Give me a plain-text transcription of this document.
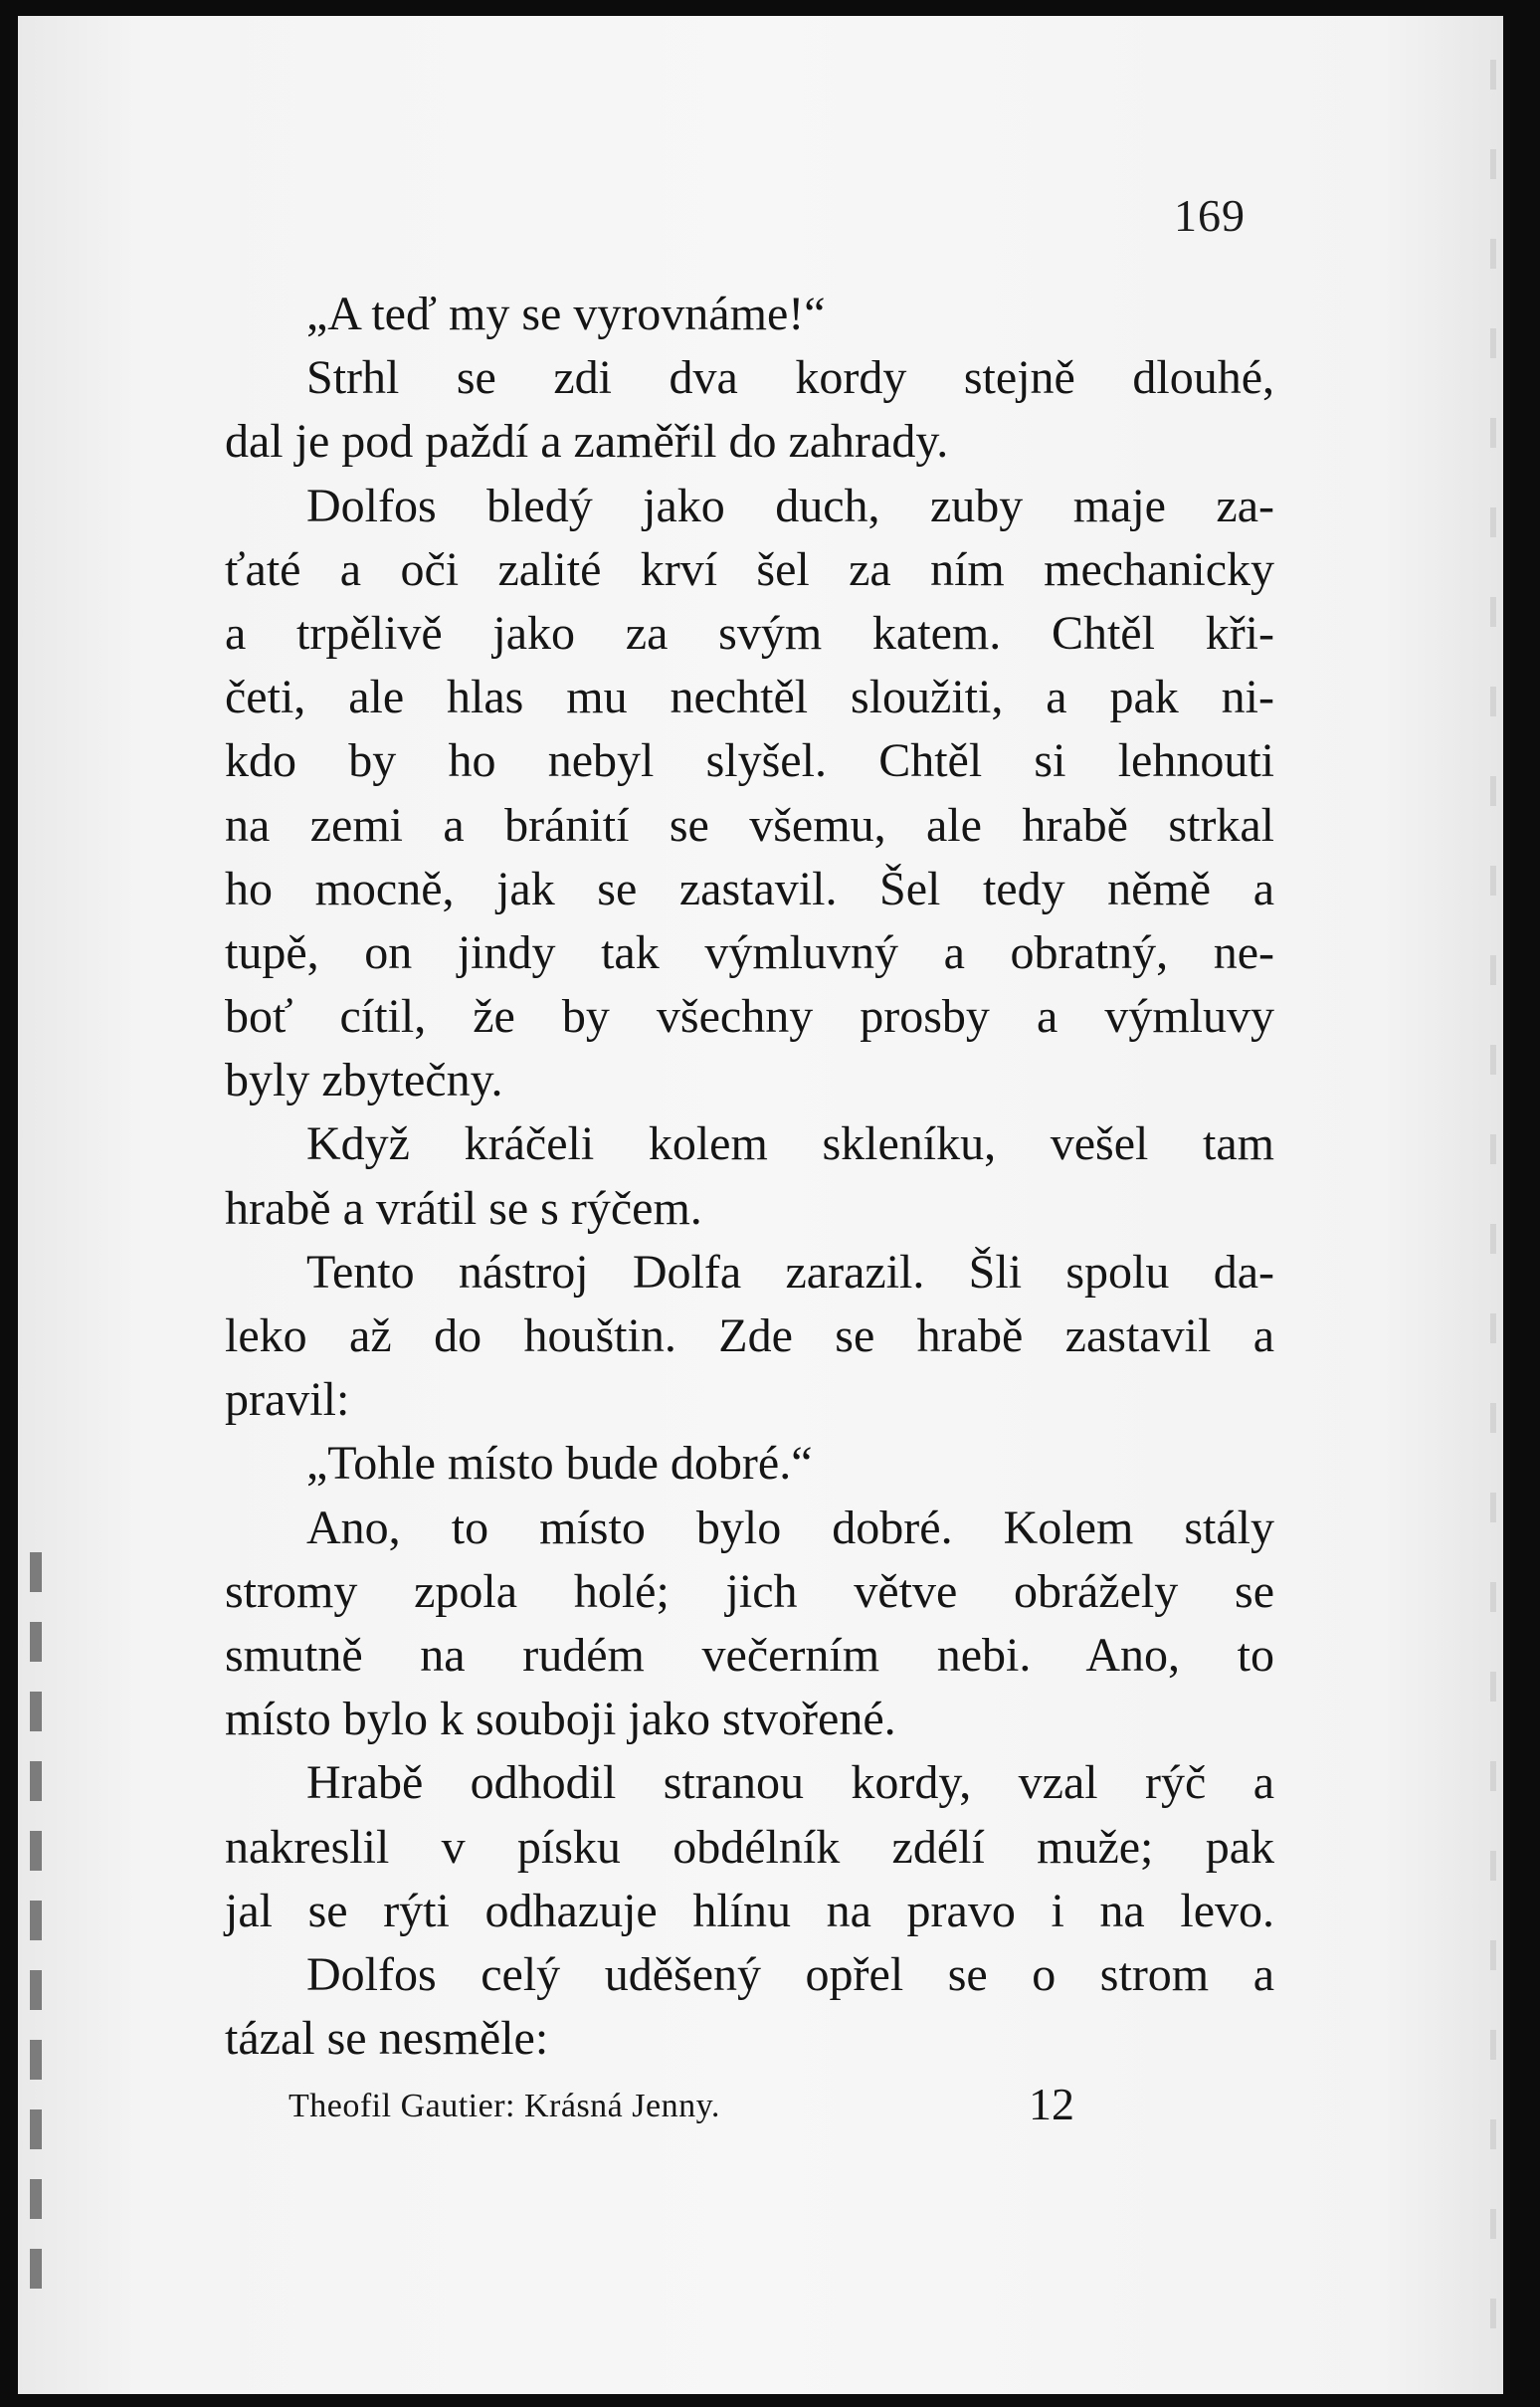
169
„A teď my se vyrovnáme!“
Strhl se zdi dva kordy stejně dlouhé,
dal je pod paždí a zaměřil do zahrady.
Dolfos bledý jako duch, zuby maje za-
ťaté a oči zalité krví šel za ním mechanicky
a trpělivě jako za svým katem. Chtěl kři-
četi, ale hlas mu nechtěl sloužiti, a pak ni-
kdo by ho nebyl slyšel. Chtěl si lehnouti
na zemi a bránití se všemu, ale hrabě strkal
ho mocně, jak se zastavil. Šel tedy němě a
tupě, on jindy tak výmluvný a obratný, ne-
boť cítil, že by všechny prosby a výmluvy
byly zbytečny.
Když kráčeli kolem skleníku, vešel tam
hrabě a vrátil se s rýčem.
Tento nástroj Dolfa zarazil. Šli spolu da-
leko až do houštin. Zde se hrabě zastavil a
pravil:
„Tohle místo bude dobré.“
Ano, to místo bylo dobré. Kolem stály
stromy zpola holé; jich větve obrážely se
smutně na rudém večerním nebi. Ano, to
místo bylo k souboji jako stvořené.
Hrabě odhodil stranou kordy, vzal rýč a
nakreslil v písku obdélník zdélí muže; pak
jal se rýti odhazuje hlínu na pravo i na levo.
Dolfos celý uděšený opřel se o strom a
tázal se nesměle:
Theofil Gautier: Krásná Jenny.	12
